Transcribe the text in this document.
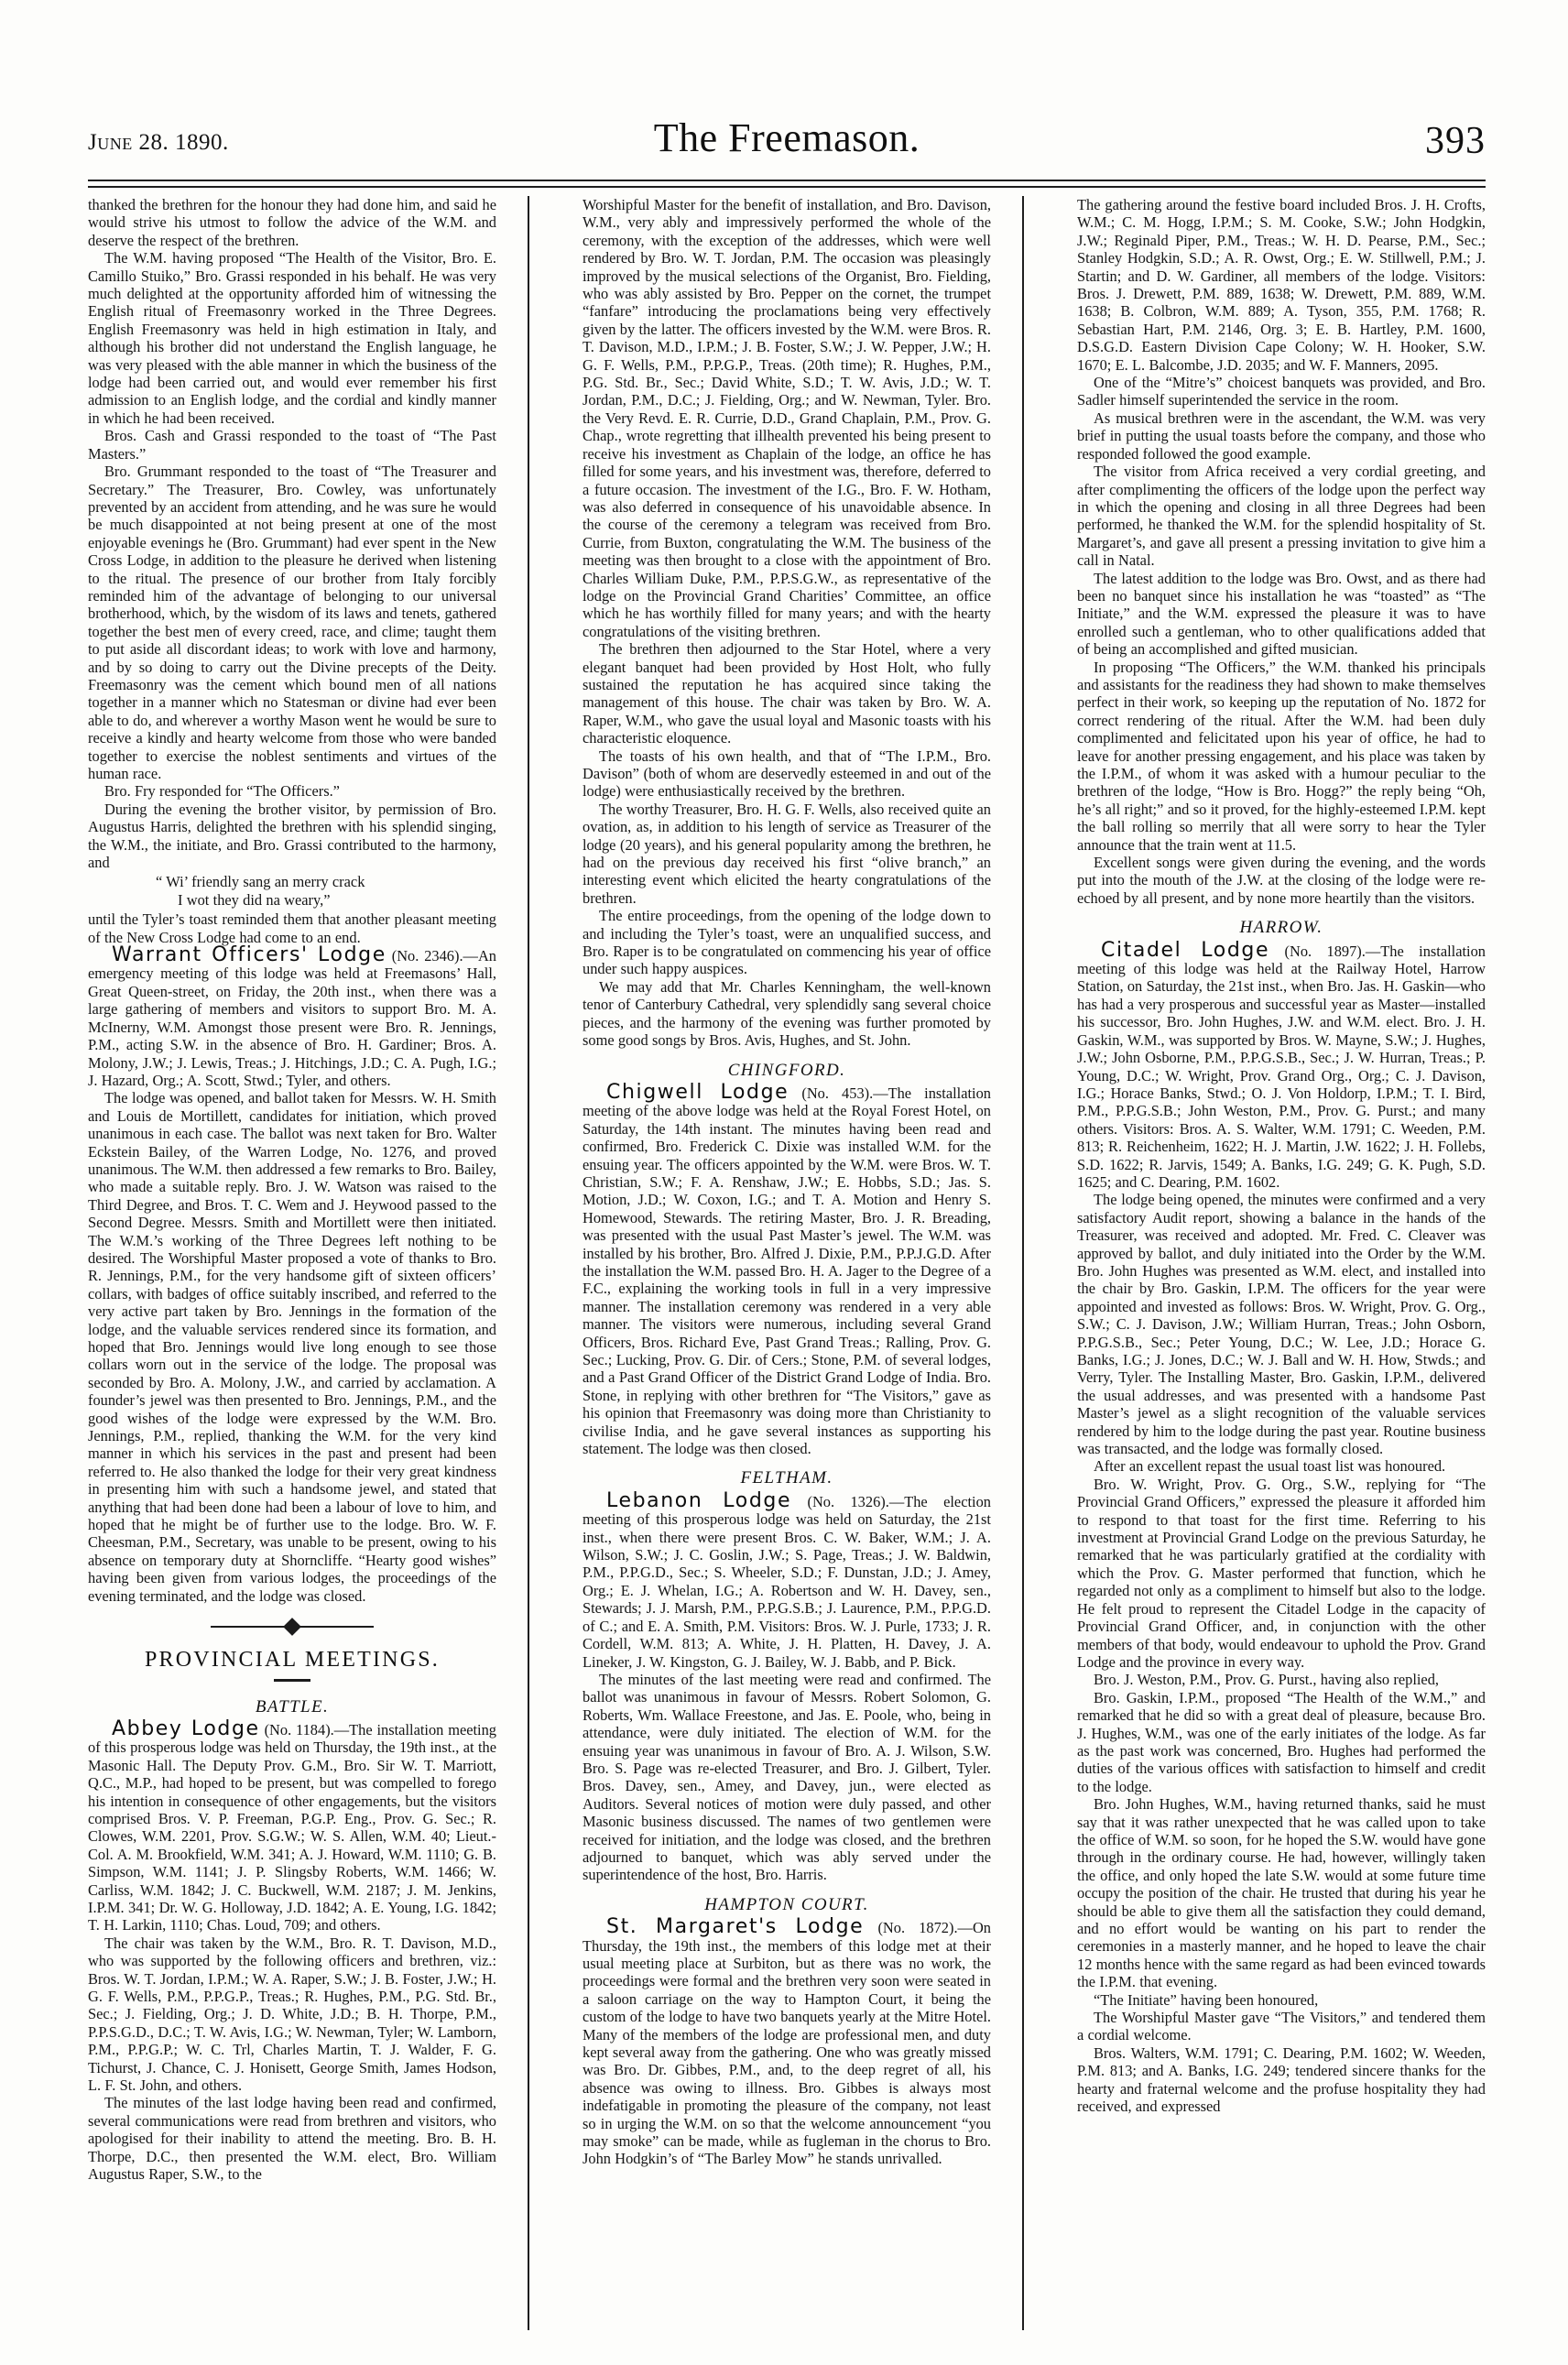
June 28. 1890.	The Freemason.	393

thanked the brethren for the honour they had done him, and said he would strive his utmost to follow the advice of the W.M. and deserve the respect of the brethren.

The W.M. having proposed “The Health of the Visitor, Bro. E. Camillo Stuiko,” Bro. Grassi responded in his behalf. He was very much delighted at the opportunity afforded him of witnessing the English ritual of Freemasonry worked in the Three Degrees. English Freemasonry was held in high estimation in Italy, and although his brother did not understand the English language, he was very pleased with the able manner in which the business of the lodge had been carried out, and would ever remember his first admission to an English lodge, and the cordial and kindly manner in which he had been received.

Bros. Cash and Grassi responded to the toast of “The Past Masters.”

Bro. Grummant responded to the toast of “The Treasurer and Secretary.” The Treasurer, Bro. Cowley, was unfortunately prevented by an accident from attending, and he was sure he would be much disappointed at not being present at one of the most enjoyable evenings he (Bro. Grummant) had ever spent in the New Cross Lodge, in addition to the pleasure he derived when listening to the ritual. The presence of our brother from Italy forcibly reminded him of the advantage of belonging to our universal brotherhood, which, by the wisdom of its laws and tenets, gathered together the best men of every creed, race, and clime; taught them to put aside all discordant ideas; to work with love and harmony, and by so doing to carry out the Divine precepts of the Deity. Freemasonry was the cement which bound men of all nations together in a manner which no Statesman or divine had ever been able to do, and wherever a worthy Mason went he would be sure to receive a kindly and hearty welcome from those who were banded together to exercise the noblest sentiments and virtues of the human race.

Bro. Fry responded for “The Officers.”

During the evening the brother visitor, by permission of Bro. Augustus Harris, delighted the brethren with his splendid singing, the W.M., the initiate, and Bro. Grassi contributed to the harmony, and

“ Wi’ friendly sang an merry crack
I wot they did na weary,”

until the Tyler’s toast reminded them that another pleasant meeting of the New Cross Lodge had come to an end.

Warrant Officers' Lodge (No. 2346).—An emergency meeting of this lodge was held at Freemasons’ Hall, Great Queen-street, on Friday, the 20th inst., when there was a large gathering of members and visitors to support Bro. M. A. McInerny, W.M. Amongst those present were Bro. R. Jennings, P.M., acting S.W. in the absence of Bro. H. Gardiner; Bros. A. Molony, J.W.; J. Lewis, Treas.; J. Hitchings, J.D.; C. A. Pugh, I.G.; J. Hazard, Org.; A. Scott, Stwd.; Tyler, and others.

The lodge was opened, and ballot taken for Messrs. W. H. Smith and Louis de Mortillett, candidates for initiation, which proved unanimous in each case. The ballot was next taken for Bro. Walter Eckstein Bailey, of the Warren Lodge, No. 1276, and proved unanimous. The W.M. then addressed a few remarks to Bro. Bailey, who made a suitable reply. Bro. J. W. Watson was raised to the Third Degree, and Bros. T. C. Wem and J. Heywood passed to the Second Degree. Messrs. Smith and Mortillett were then initiated. The W.M.’s working of the Three Degrees left nothing to be desired. The Worshipful Master proposed a vote of thanks to Bro. R. Jennings, P.M., for the very handsome gift of sixteen officers’ collars, with badges of office suitably inscribed, and referred to the very active part taken by Bro. Jennings in the formation of the lodge, and the valuable services rendered since its formation, and hoped that Bro. Jennings would live long enough to see those collars worn out in the service of the lodge. The proposal was seconded by Bro. A. Molony, J.W., and carried by acclamation. A founder’s jewel was then presented to Bro. Jennings, P.M., and the good wishes of the lodge were expressed by the W.M. Bro. Jennings, P.M., replied, thanking the W.M. for the very kind manner in which his services in the past and present had been referred to. He also thanked the lodge for their very great kindness in presenting him with such a handsome jewel, and stated that anything that had been done had been a labour of love to him, and hoped that he might be of further use to the lodge. Bro. W. F. Cheesman, P.M., Secretary, was unable to be present, owing to his absence on temporary duty at Shorncliffe. “Hearty good wishes” having been given from various lodges, the proceedings of the evening terminated, and the lodge was closed.

PROVINCIAL MEETINGS.

BATTLE.

Abbey Lodge (No. 1184).—The installation meeting of this prosperous lodge was held on Thursday, the 19th inst., at the Masonic Hall. The Deputy Prov. G.M., Bro. Sir W. T. Marriott, Q.C., M.P., had hoped to be present, but was compelled to forego his intention in consequence of other engagements, but the visitors comprised Bros. V. P. Freeman, P.G.P. Eng., Prov. G. Sec.; R. Clowes, W.M. 2201, Prov. S.G.W.; W. S. Allen, W.M. 40; Lieut.-Col. A. M. Brookfield, W.M. 341; A. J. Howard, W.M. 1110; G. B. Simpson, W.M. 1141; J. P. Slingsby Roberts, W.M. 1466; W. Carliss, W.M. 1842; J. C. Buckwell, W.M. 2187; J. M. Jenkins, I.P.M. 341; Dr. W. G. Holloway, J.D. 1842; A. E. Young, I.G. 1842; T. H. Larkin, 1110; Chas. Loud, 709; and others.

The chair was taken by the W.M., Bro. R. T. Davison, M.D., who was supported by the following officers and brethren, viz.: Bros. W. T. Jordan, I.P.M.; W. A. Raper, S.W.; J. B. Foster, J.W.; H. G. F. Wells, P.M., P.P.G.P., Treas.; R. Hughes, P.M., P.G. Std. Br., Sec.; J. Fielding, Org.; J. D. White, J.D.; B. H. Thorpe, P.M., P.P.S.G.D., D.C.; T. W. Avis, I.G.; W. Newman, Tyler; W. Lamborn, P.M., P.P.G.P.; W. C. Trl, Charles Martin, T. J. Walder, F. G. Tichurst, J. Chance, C. J. Honisett, George Smith, James Hodson, L. F. St. John, and others.

The minutes of the last lodge having been read and confirmed, several communications were read from brethren and visitors, who apologised for their inability to attend the meeting. Bro. B. H. Thorpe, D.C., then presented the W.M. elect, Bro. William Augustus Raper, S.W., to the

Worshipful Master for the benefit of installation, and Bro. Davison, W.M., very ably and impressively performed the whole of the ceremony, with the exception of the addresses, which were well rendered by Bro. W. T. Jordan, P.M. The occasion was pleasingly improved by the musical selections of the Organist, Bro. Fielding, who was ably assisted by Bro. Pepper on the cornet, the trumpet “fanfare” introducing the proclamations being very effectively given by the latter. The officers invested by the W.M. were Bros. R. T. Davison, M.D., I.P.M.; J. B. Foster, S.W.; J. W. Pepper, J.W.; H. G. F. Wells, P.M., P.P.G.P., Treas. (20th time); R. Hughes, P.M., P.G. Std. Br., Sec.; David White, S.D.; T. W. Avis, J.D.; W. T. Jordan, P.M., D.C.; J. Fielding, Org.; and W. Newman, Tyler. Bro. the Very Revd. E. R. Currie, D.D., Grand Chaplain, P.M., Prov. G. Chap., wrote regretting that illhealth prevented his being present to receive his investment as Chaplain of the lodge, an office he has filled for some years, and his investment was, therefore, deferred to a future occasion. The investment of the I.G., Bro. F. W. Hotham, was also deferred in consequence of his unavoidable absence. In the course of the ceremony a telegram was received from Bro. Currie, from Buxton, congratulating the W.M. The business of the meeting was then brought to a close with the appointment of Bro. Charles William Duke, P.M., P.P.S.G.W., as representative of the lodge on the Provincial Grand Charities’ Committee, an office which he has worthily filled for many years; and with the hearty congratulations of the visiting brethren.

The brethren then adjourned to the Star Hotel, where a very elegant banquet had been provided by Host Holt, who fully sustained the reputation he has acquired since taking the management of this house. The chair was taken by Bro. W. A. Raper, W.M., who gave the usual loyal and Masonic toasts with his characteristic eloquence.

The toasts of his own health, and that of “The I.P.M., Bro. Davison” (both of whom are deservedly esteemed in and out of the lodge) were enthusiastically received by the brethren.

The worthy Treasurer, Bro. H. G. F. Wells, also received quite an ovation, as, in addition to his length of service as Treasurer of the lodge (20 years), and his general popularity among the brethren, he had on the previous day received his first “olive branch,” an interesting event which elicited the hearty congratulations of the brethren.

The entire proceedings, from the opening of the lodge down to and including the Tyler’s toast, were an unqualified success, and Bro. Raper is to be congratulated on commencing his year of office under such happy auspices.

We may add that Mr. Charles Kenningham, the well-known tenor of Canterbury Cathedral, very splendidly sang several choice pieces, and the harmony of the evening was further promoted by some good songs by Bros. Avis, Hughes, and St. John.

CHINGFORD.

Chigwell Lodge (No. 453).—The installation meeting of the above lodge was held at the Royal Forest Hotel, on Saturday, the 14th instant. The minutes having been read and confirmed, Bro. Frederick C. Dixie was installed W.M. for the ensuing year. The officers appointed by the W.M. were Bros. W. T. Christian, S.W.; F. A. Renshaw, J.W.; E. Hobbs, S.D.; Jas. S. Motion, J.D.; W. Coxon, I.G.; and T. A. Motion and Henry S. Homewood, Stewards. The retiring Master, Bro. J. R. Breading, was presented with the usual Past Master’s jewel. The W.M. was installed by his brother, Bro. Alfred J. Dixie, P.M., P.P.J.G.D. After the installation the W.M. passed Bro. H. A. Jager to the Degree of a F.C., explaining the working tools in full in a very impressive manner. The installation ceremony was rendered in a very able manner. The visitors were numerous, including several Grand Officers, Bros. Richard Eve, Past Grand Treas.; Ralling, Prov. G. Sec.; Lucking, Prov. G. Dir. of Cers.; Stone, P.M. of several lodges, and a Past Grand Officer of the District Grand Lodge of India. Bro. Stone, in replying with other brethren for “The Visitors,” gave as his opinion that Freemasonry was doing more than Christianity to civilise India, and he gave several instances as supporting his statement. The lodge was then closed.

FELTHAM.

Lebanon Lodge (No. 1326).—The election meeting of this prosperous lodge was held on Saturday, the 21st inst., when there were present Bros. C. W. Baker, W.M.; J. A. Wilson, S.W.; J. C. Goslin, J.W.; S. Page, Treas.; J. W. Baldwin, P.M., P.P.G.D., Sec.; S. Wheeler, S.D.; F. Dunstan, J.D.; J. Amey, Org.; E. J. Whelan, I.G.; A. Robertson and W. H. Davey, sen., Stewards; J. J. Marsh, P.M., P.P.G.S.B.; J. Laurence, P.M., P.P.G.D. of C.; and E. A. Smith, P.M. Visitors: Bros. W. J. Purle, 1733; J. R. Cordell, W.M. 813; A. White, J. H. Platten, H. Davey, J. A. Lineker, J. W. Kingston, G. J. Bailey, W. J. Babb, and P. Bick.

The minutes of the last meeting were read and confirmed. The ballot was unanimous in favour of Messrs. Robert Solomon, G. Roberts, Wm. Wallace Freestone, and Jas. E. Poole, who, being in attendance, were duly initiated. The election of W.M. for the ensuing year was unanimous in favour of Bro. A. J. Wilson, S.W. Bro. S. Page was re-elected Treasurer, and Bro. J. Gilbert, Tyler. Bros. Davey, sen., Amey, and Davey, jun., were elected as Auditors. Several notices of motion were duly passed, and other Masonic business discussed. The names of two gentlemen were received for initiation, and the lodge was closed, and the brethren adjourned to banquet, which was ably served under the superintendence of the host, Bro. Harris.

HAMPTON COURT.

St. Margaret's Lodge (No. 1872).—On Thursday, the 19th inst., the members of this lodge met at their usual meeting place at Surbiton, but as there was no work, the proceedings were formal and the brethren very soon were seated in a saloon carriage on the way to Hampton Court, it being the custom of the lodge to have two banquets yearly at the Mitre Hotel. Many of the members of the lodge are professional men, and duty kept several away from the gathering. One who was greatly missed was Bro. Dr. Gibbes, P.M., and, to the deep regret of all, his absence was owing to illness. Bro. Gibbes is always most indefatigable in promoting the pleasure of the company, not least so in urging the W.M. on so that the welcome announcement “you may smoke” can be made, while as fugleman in the chorus to Bro. John Hodgkin’s of “The Barley Mow” he stands unrivalled.

The gathering around the festive board included Bros. J. H. Crofts, W.M.; C. M. Hogg, I.P.M.; S. M. Cooke, S.W.; John Hodgkin, J.W.; Reginald Piper, P.M., Treas.; W. H. D. Pearse, P.M., Sec.; Stanley Hodgkin, S.D.; A. R. Owst, Org.; E. W. Stillwell, P.M.; J. Startin; and D. W. Gardiner, all members of the lodge. Visitors: Bros. J. Drewett, P.M. 889, 1638; W. Drewett, P.M. 889, W.M. 1638; B. Colbron, W.M. 889; A. Tyson, 355, P.M. 1768; R. Sebastian Hart, P.M. 2146, Org. 3; E. B. Hartley, P.M. 1600, D.S.G.D. Eastern Division Cape Colony; W. H. Hooker, S.W. 1670; E. L. Balcombe, J.D. 2035; and W. F. Manners, 2095.

One of the “Mitre’s” choicest banquets was provided, and Bro. Sadler himself superintended the service in the room.

As musical brethren were in the ascendant, the W.M. was very brief in putting the usual toasts before the company, and those who responded followed the good example.

The visitor from Africa received a very cordial greeting, and after complimenting the officers of the lodge upon the perfect way in which the opening and closing in all three Degrees had been performed, he thanked the W.M. for the splendid hospitality of St. Margaret’s, and gave all present a pressing invitation to give him a call in Natal.

The latest addition to the lodge was Bro. Owst, and as there had been no banquet since his installation he was “toasted” as “The Initiate,” and the W.M. expressed the pleasure it was to have enrolled such a gentleman, who to other qualifications added that of being an accomplished and gifted musician.

In proposing “The Officers,” the W.M. thanked his principals and assistants for the readiness they had shown to make themselves perfect in their work, so keeping up the reputation of No. 1872 for correct rendering of the ritual. After the W.M. had been duly complimented and felicitated upon his year of office, he had to leave for another pressing engagement, and his place was taken by the I.P.M., of whom it was asked with a humour peculiar to the brethren of the lodge, “How is Bro. Hogg?” the reply being “Oh, he’s all right;” and so it proved, for the highly-esteemed I.P.M. kept the ball rolling so merrily that all were sorry to hear the Tyler announce that the train went at 11.5.

Excellent songs were given during the evening, and the words put into the mouth of the J.W. at the closing of the lodge were re-echoed by all present, and by none more heartily than the visitors.

HARROW.

Citadel Lodge (No. 1897).—The installation meeting of this lodge was held at the Railway Hotel, Harrow Station, on Saturday, the 21st inst., when Bro. Jas. H. Gaskin—who has had a very prosperous and successful year as Master—installed his successor, Bro. John Hughes, J.W. and W.M. elect. Bro. J. H. Gaskin, W.M., was supported by Bros. W. Mayne, S.W.; J. Hughes, J.W.; John Osborne, P.M., P.P.G.S.B., Sec.; J. W. Hurran, Treas.; P. Young, D.C.; W. Wright, Prov. Grand Org., Org.; C. J. Davison, I.G.; Horace Banks, Stwd.; O. J. Von Holdorp, I.P.M.; T. I. Bird, P.M., P.P.G.S.B.; John Weston, P.M., Prov. G. Purst.; and many others. Visitors: Bros. A. S. Walter, W.M. 1791; C. Weeden, P.M. 813; R. Reichenheim, 1622; H. J. Martin, J.W. 1622; J. H. Follebs, S.D. 1622; R. Jarvis, 1549; A. Banks, I.G. 249; G. K. Pugh, S.D. 1625; and C. Dearing, P.M. 1602.

The lodge being opened, the minutes were confirmed and a very satisfactory Audit report, showing a balance in the hands of the Treasurer, was received and adopted. Mr. Fred. C. Cleaver was approved by ballot, and duly initiated into the Order by the W.M. Bro. John Hughes was presented as W.M. elect, and installed into the chair by Bro. Gaskin, I.P.M. The officers for the year were appointed and invested as follows: Bros. W. Wright, Prov. G. Org., S.W.; C. J. Davison, J.W.; William Hurran, Treas.; John Osborn, P.P.G.S.B., Sec.; Peter Young, D.C.; W. Lee, J.D.; Horace G. Banks, I.G.; J. Jones, D.C.; W. J. Ball and W. H. How, Stwds.; and Verry, Tyler. The Installing Master, Bro. Gaskin, I.P.M., delivered the usual addresses, and was presented with a handsome Past Master’s jewel as a slight recognition of the valuable services rendered by him to the lodge during the past year. Routine business was transacted, and the lodge was formally closed.

After an excellent repast the usual toast list was honoured.

Bro. W. Wright, Prov. G. Org., S.W., replying for “The Provincial Grand Officers,” expressed the pleasure it afforded him to respond to that toast for the first time. Referring to his investment at Provincial Grand Lodge on the previous Saturday, he remarked that he was particularly gratified at the cordiality with which the Prov. G. Master performed that function, which he regarded not only as a compliment to himself but also to the lodge. He felt proud to represent the Citadel Lodge in the capacity of Provincial Grand Officer, and, in conjunction with the other members of that body, would endeavour to uphold the Prov. Grand Lodge and the province in every way.

Bro. J. Weston, P.M., Prov. G. Purst., having also replied,

Bro. Gaskin, I.P.M., proposed “The Health of the W.M.,” and remarked that he did so with a great deal of pleasure, because Bro. J. Hughes, W.M., was one of the early initiates of the lodge. As far as the past work was concerned, Bro. Hughes had performed the duties of the various offices with satisfaction to himself and credit to the lodge.

Bro. John Hughes, W.M., having returned thanks, said he must say that it was rather unexpected that he was called upon to take the office of W.M. so soon, for he hoped the S.W. would have gone through in the ordinary course. He had, however, willingly taken the office, and only hoped the late S.W. would at some future time occupy the position of the chair. He trusted that during his year he should be able to give them all the satisfaction they could demand, and no effort would be wanting on his part to render the ceremonies in a masterly manner, and he hoped to leave the chair 12 months hence with the same regard as had been evinced towards the I.P.M. that evening.

“The Initiate” having been honoured,

The Worshipful Master gave “The Visitors,” and tendered them a cordial welcome.

Bros. Walters, W.M. 1791; C. Dearing, P.M. 1602; W. Weeden, P.M. 813; and A. Banks, I.G. 249; tendered sincere thanks for the hearty and fraternal welcome and the profuse hospitality they had received, and expressed
